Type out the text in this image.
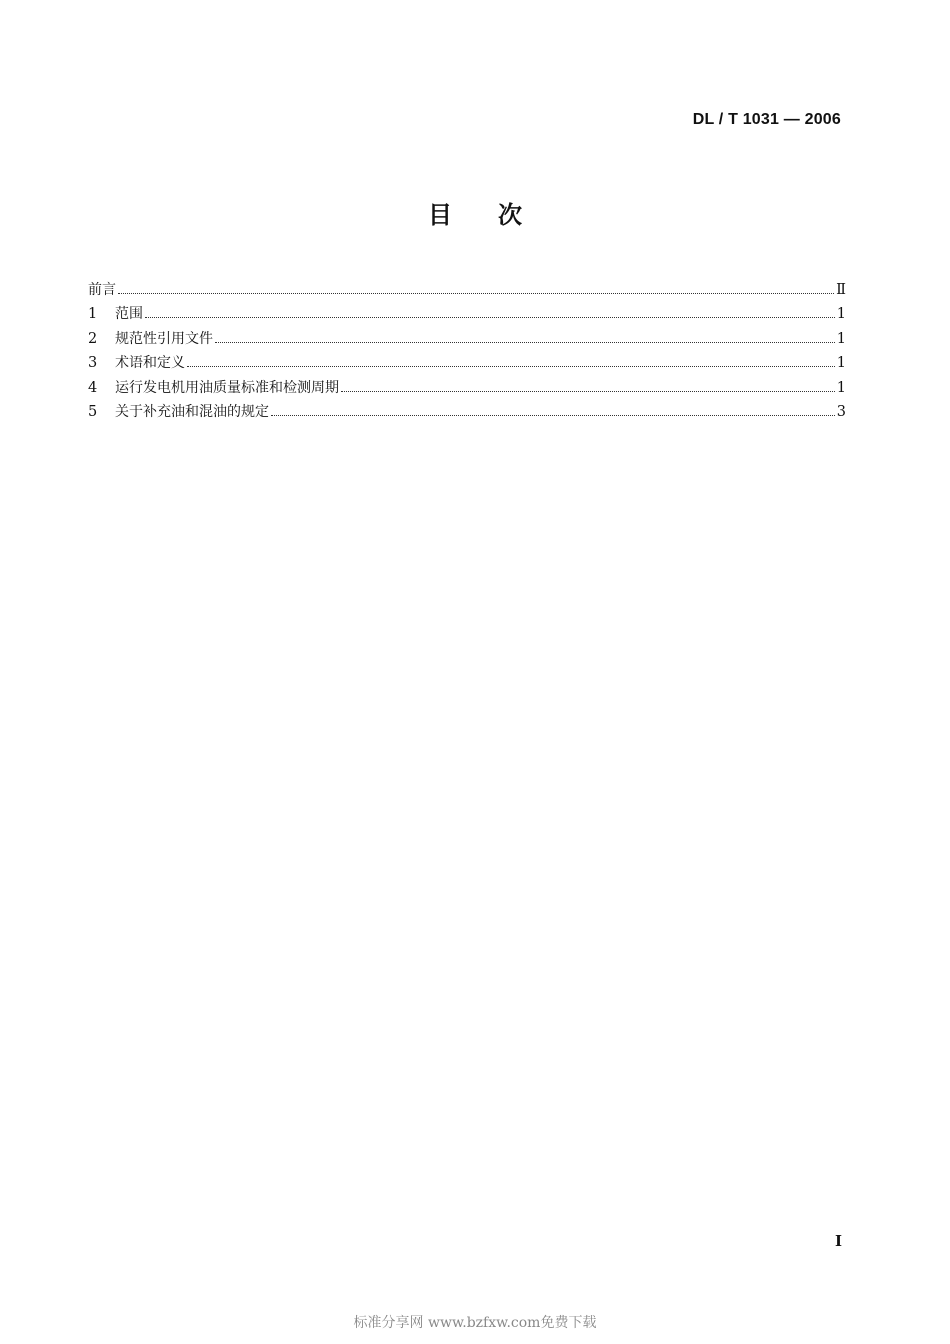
DL / T 1031 — 2006
目 次
前言	Ⅱ
1	范围	1
2	规范性引用文件	1
3	术语和定义	1
4	运行发电机用油质量标准和检测周期	1
5	关于补充油和混油的规定	3
I
标准分享网 www.bzfxw.com免费下载
